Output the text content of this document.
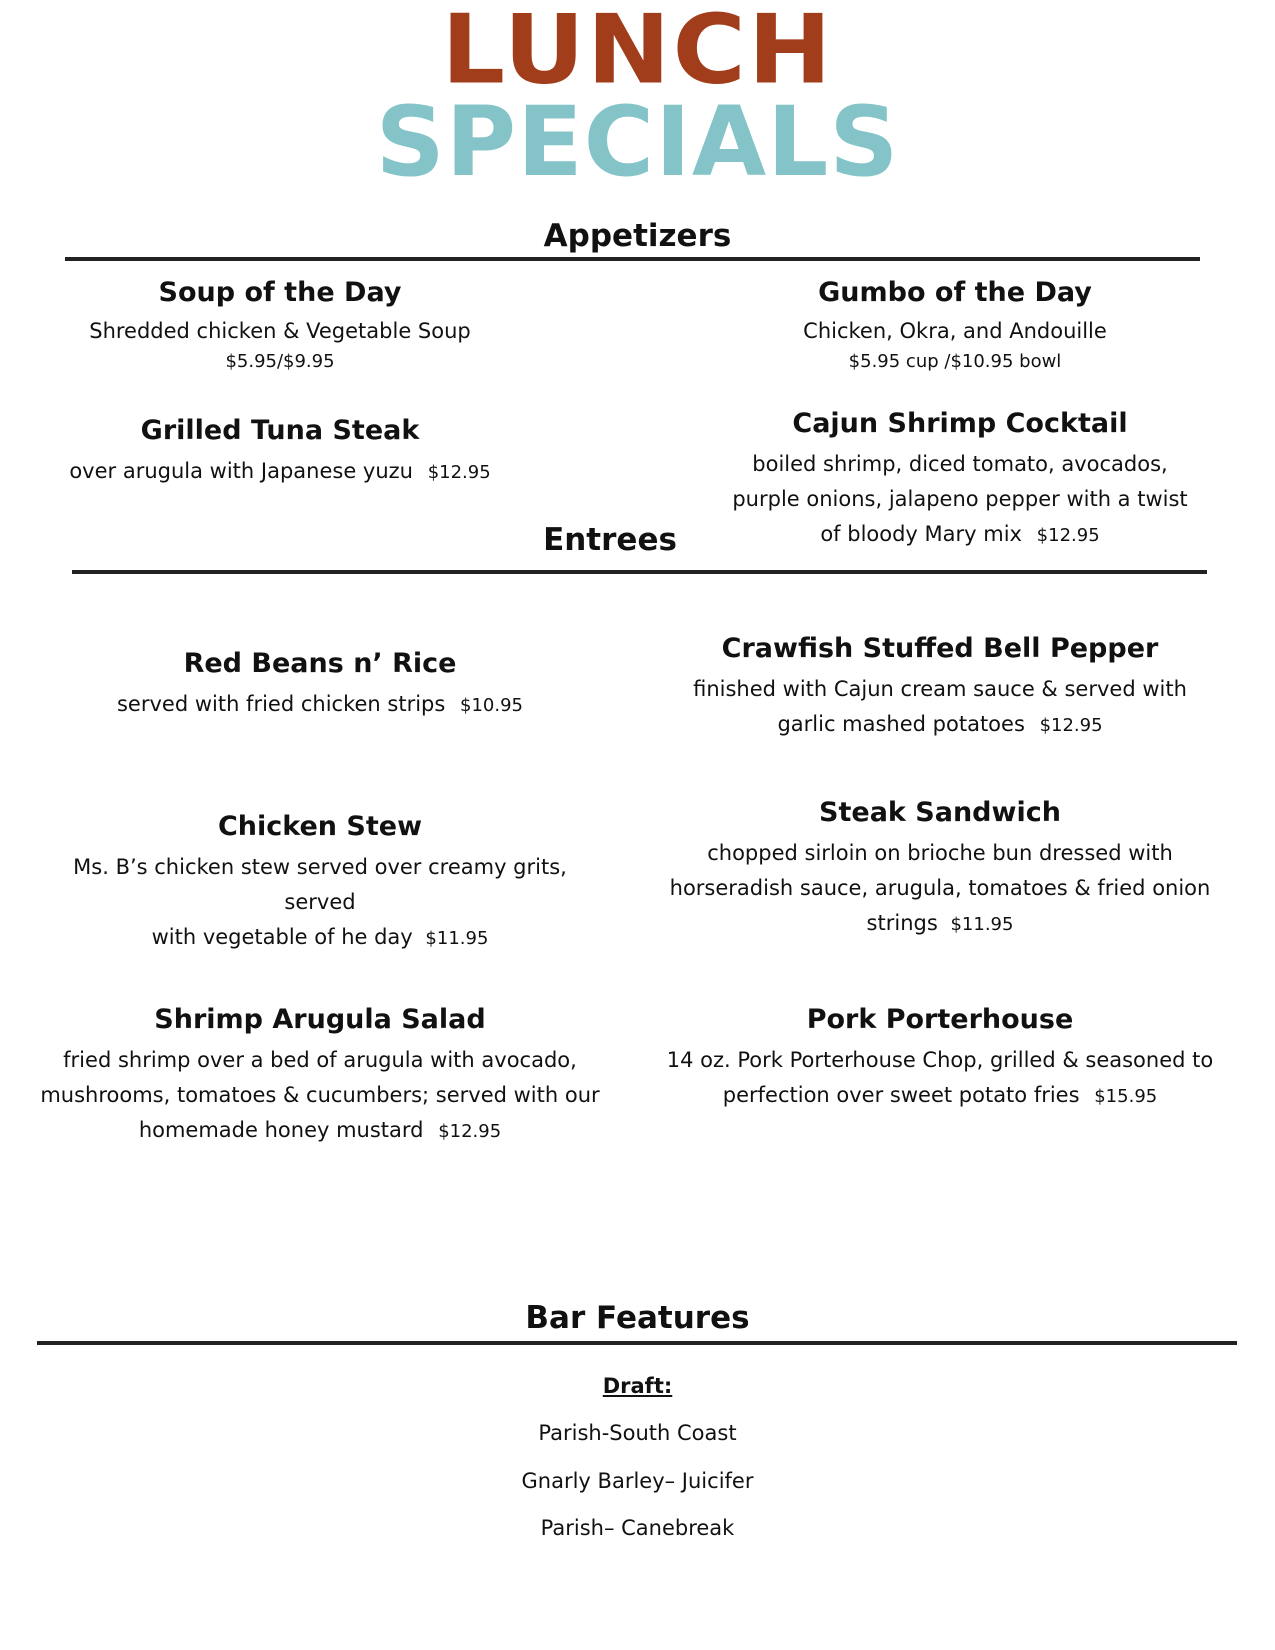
LUNCH
SPECIALS
Appetizers
Soup of the Day
Shredded chicken & Vegetable Soup
$5.95/$9.95
Gumbo of the Day
Chicken, Okra, and Andouille
$5.95 cup /$10.95 bowl
Grilled Tuna Steak
over arugula with Japanese yuzu $12.95
Cajun Shrimp Cocktail
boiled shrimp, diced tomato, avocados,
purple onions, jalapeno pepper with a twist
of bloody Mary mix $12.95
Entrees
Red Beans n’ Rice
served with fried chicken strips $10.95
Crawfish Stuffed Bell Pepper
finished with Cajun cream sauce & served with
garlic mashed potatoes $12.95
Chicken Stew
Ms. B’s chicken stew served over creamy grits, served
with vegetable of he day $11.95
Steak Sandwich
chopped sirloin on brioche bun dressed with
horseradish sauce, arugula, tomatoes & fried onion
strings $11.95
Shrimp Arugula Salad
fried shrimp over a bed of arugula with avocado,
mushrooms, tomatoes & cucumbers; served with our
homemade honey mustard $12.95
Pork Porterhouse
14 oz. Pork Porterhouse Chop, grilled & seasoned to
perfection over sweet potato fries $15.95
Bar Features
Draft:
Parish-South Coast
Gnarly Barley– Juicifer
Parish– Canebreak
